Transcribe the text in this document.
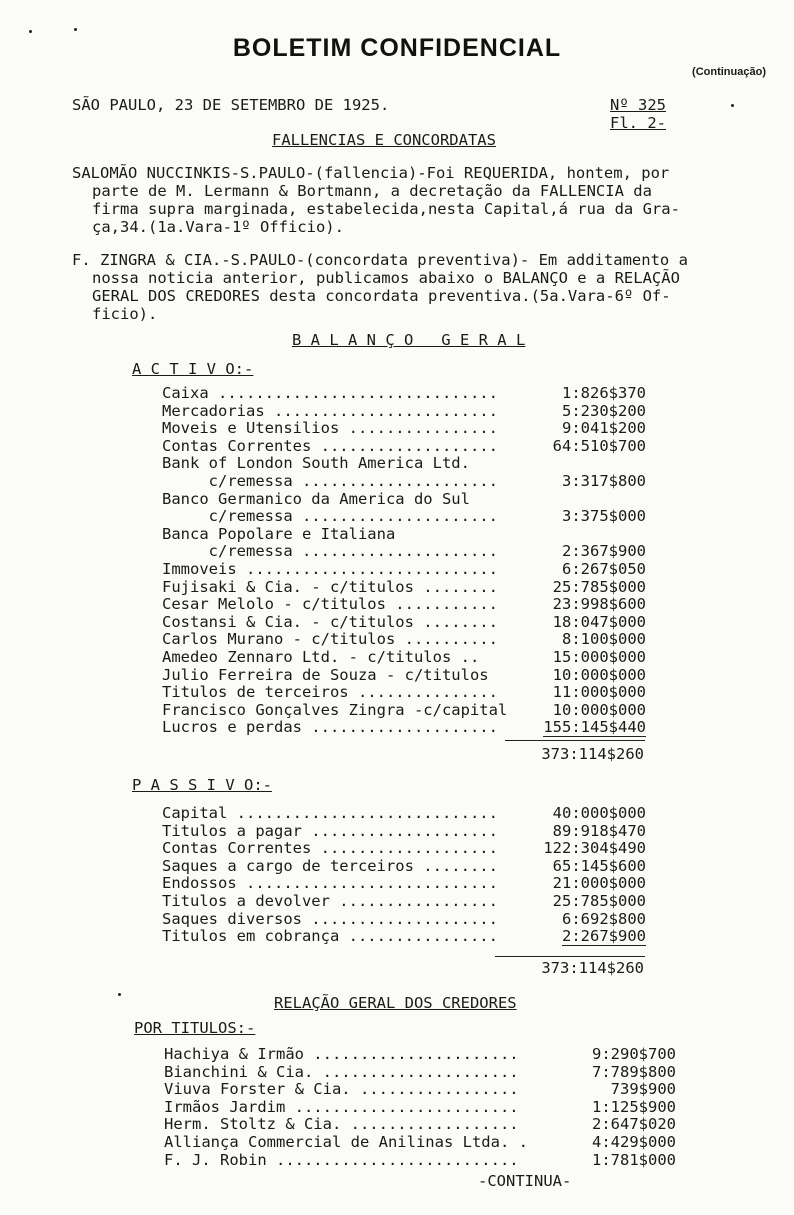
BOLETIM CONFIDENCIAL
(Continuação)
SÃO PAULO, 23 DE SETEMBRO DE 1925.	Nº 325
Fl. 2-
FALLENCIAS E CONCORDATAS
SALOMÃO NUCCINKIS-S.PAULO-(fallencia)-Foi REQUERIDA, hontem, por
parte de M. Lermann & Bortmann, a decretação da FALLENCIA da
firma supra marginada, estabelecida,nesta Capital,á rua da Gra-
ça,34.(1a.Vara-1º Officio).
F. ZINGRA & CIA.-S.PAULO-(concordata preventiva)- Em additamento a
nossa noticia anterior, publicamos abaixo o BALANÇO e a RELAÇÃO
GERAL DOS CREDORES desta concordata preventiva.(5a.Vara-6º Of-
ficio).
B A L A N Ç O   G E R A L
A C T I V O:-
Caixa ..............................	1:826$370
Mercadorias ........................	5:230$200
Moveis e Utensilios ................	9:041$200
Contas Correntes ...................	64:510$700
Bank of London South America Ltd.
c/remessa .....................	3:317$800
Banco Germanico da America do Sul
c/remessa .....................	3:375$000
Banca Popolare e Italiana
c/remessa .....................	2:367$900
Immoveis ...........................	6:267$050
Fujisaki & Cia. - c/titulos ........	25:785$000
Cesar Melolo - c/titulos ...........	23:998$600
Costansi & Cia. - c/titulos ........	18:047$000
Carlos Murano - c/titulos ..........	8:100$000
Amedeo Zennaro Ltd. - c/titulos ..	15:000$000
Julio Ferreira de Souza - c/titulos	10:000$000
Titulos de terceiros ...............	11:000$000
Francisco Gonçalves Zingra -c/capital	10:000$000
Lucros e perdas ....................	155:145$440
373:114$260
P A S S I V O:-
Capital ............................	40:000$000
Titulos a pagar ....................	89:918$470
Contas Correntes ...................	122:304$490
Saques a cargo de terceiros ........	65:145$600
Endossos ...........................	21:000$000
Titulos a devolver .................	25:785$000
Saques diversos ....................	6:692$800
Titulos em cobrança ................	2:267$900
373:114$260
RELAÇÃO GERAL DOS CREDORES
POR TITULOS:-
Hachiya & Irmão ......................	9:290$700
Bianchini & Cia. .....................	7:789$800
Viuva Forster & Cia. .................	739$900
Irmãos Jardim ........................	1:125$900
Herm. Stoltz & Cia. ..................	2:647$020
Alliança Commercial de Anilinas Ltda. .	4:429$000
F. J. Robin ..........................	1:781$000
-CONTINUA-
